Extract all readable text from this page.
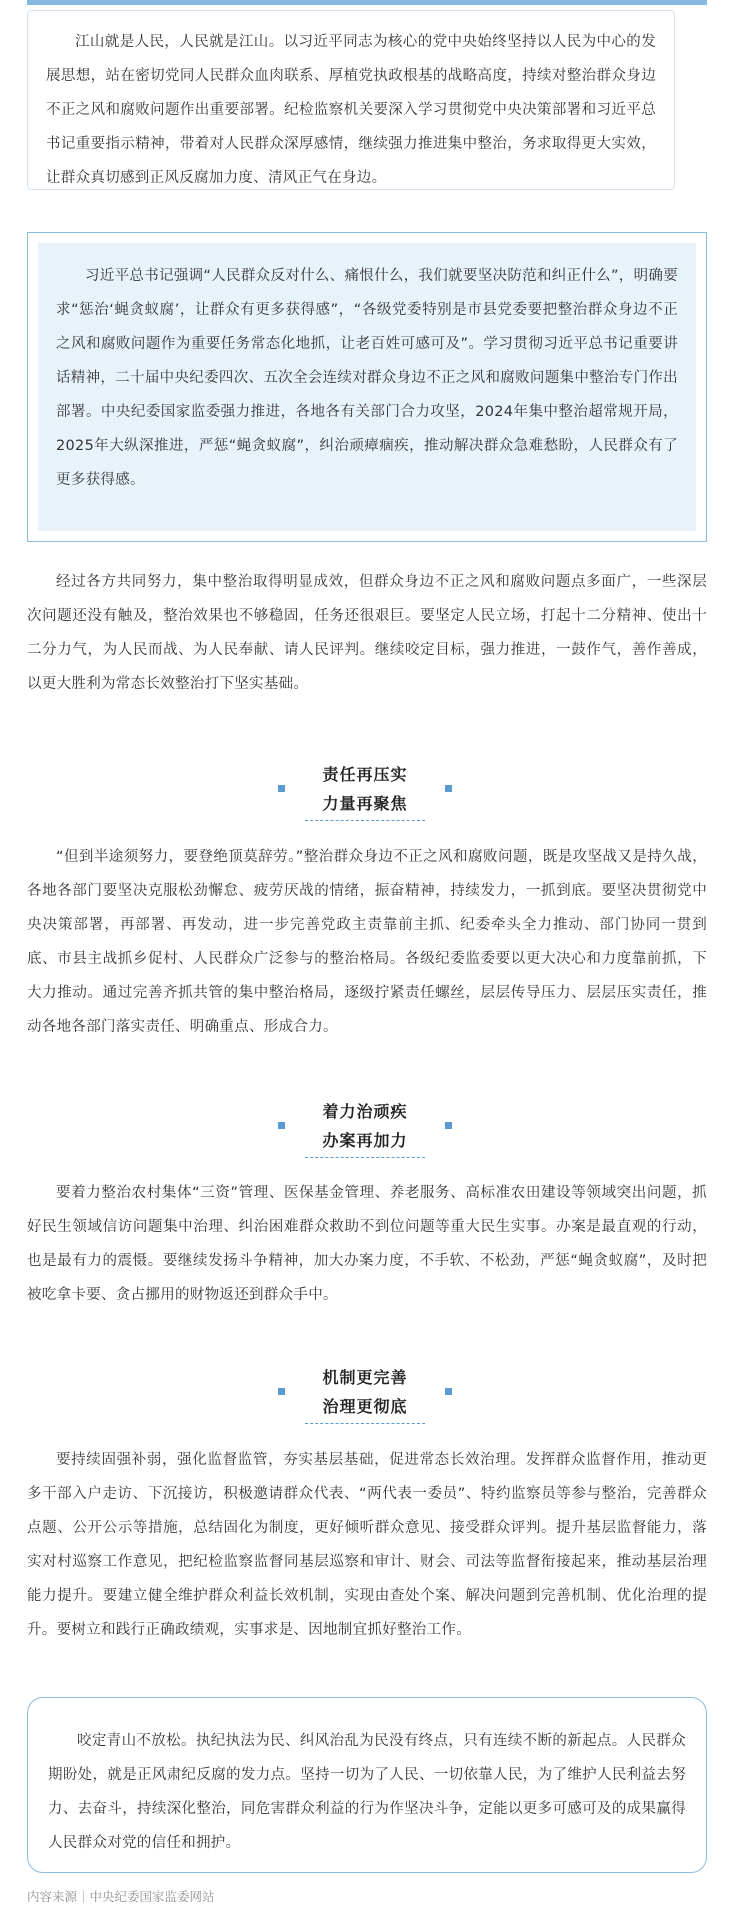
江山就是人民，人民就是江山。以习近平同志为核心的党中央始终坚持以人民为中心的发展思想，站在密切党同人民群众血肉联系、厚植党执政根基的战略高度，持续对整治群众身边不正之风和腐败问题作出重要部署。纪检监察机关要深入学习贯彻党中央决策部署和习近平总书记重要指示精神，带着对人民群众深厚感情，继续强力推进集中整治，务求取得更大实效，让群众真切感到正风反腐加力度、清风正气在身边。

习近平总书记强调“人民群众反对什么、痛恨什么，我们就要坚决防范和纠正什么”，明确要求“惩治‘蝇贪蚁腐’，让群众有更多获得感”，“各级党委特别是市县党委要把整治群众身边不正之风和腐败问题作为重要任务常态化地抓，让老百姓可感可及”。学习贯彻习近平总书记重要讲话精神，二十届中央纪委四次、五次全会连续对群众身边不正之风和腐败问题集中整治专门作出部署。中央纪委国家监委强力推进，各地各有关部门合力攻坚，2024年集中整治超常规开局，2025年大纵深推进，严惩“蝇贪蚁腐”，纠治顽瘴痼疾，推动解决群众急难愁盼，人民群众有了更多获得感。

经过各方共同努力，集中整治取得明显成效，但群众身边不正之风和腐败问题点多面广，一些深层次问题还没有触及，整治效果也不够稳固，任务还很艰巨。要坚定人民立场，打起十二分精神、使出十二分力气，为人民而战、为人民奉献、请人民评判。继续咬定目标，强力推进，一鼓作气，善作善成，以更大胜利为常态长效整治打下坚实基础。

责任再压实
力量再聚焦

“但到半途须努力，要登绝顶莫辞劳。”整治群众身边不正之风和腐败问题，既是攻坚战又是持久战，各地各部门要坚决克服松劲懈怠、疲劳厌战的情绪，振奋精神，持续发力，一抓到底。要坚决贯彻党中央决策部署，再部署、再发动，进一步完善党政主责靠前主抓、纪委牵头全力推动、部门协同一贯到底、市县主战抓乡促村、人民群众广泛参与的整治格局。各级纪委监委要以更大决心和力度靠前抓，下大力推动。通过完善齐抓共管的集中整治格局，逐级拧紧责任螺丝，层层传导压力、层层压实责任，推动各地各部门落实责任、明确重点、形成合力。

着力治顽疾
办案再加力

要着力整治农村集体“三资”管理、医保基金管理、养老服务、高标准农田建设等领域突出问题，抓好民生领域信访问题集中治理、纠治困难群众救助不到位问题等重大民生实事。办案是最直观的行动，也是最有力的震慑。要继续发扬斗争精神，加大办案力度，不手软、不松劲，严惩“蝇贪蚁腐”，及时把被吃拿卡要、贪占挪用的财物返还到群众手中。

机制更完善
治理更彻底

要持续固强补弱，强化监督监管，夯实基层基础，促进常态长效治理。发挥群众监督作用，推动更多干部入户走访、下沉接访，积极邀请群众代表、“两代表一委员”、特约监察员等参与整治，完善群众点题、公开公示等措施，总结固化为制度，更好倾听群众意见、接受群众评判。提升基层监督能力，落实对村巡察工作意见，把纪检监察监督同基层巡察和审计、财会、司法等监督衔接起来，推动基层治理能力提升。要建立健全维护群众利益长效机制，实现由查处个案、解决问题到完善机制、优化治理的提升。要树立和践行正确政绩观，实事求是、因地制宜抓好整治工作。

咬定青山不放松。执纪执法为民、纠风治乱为民没有终点，只有连续不断的新起点。人民群众期盼处，就是正风肃纪反腐的发力点。坚持一切为了人民、一切依靠人民，为了维护人民利益去努力、去奋斗，持续深化整治，同危害群众利益的行为作坚决斗争，定能以更多可感可及的成果赢得人民群众对党的信任和拥护。

内容来源｜中央纪委国家监委网站
